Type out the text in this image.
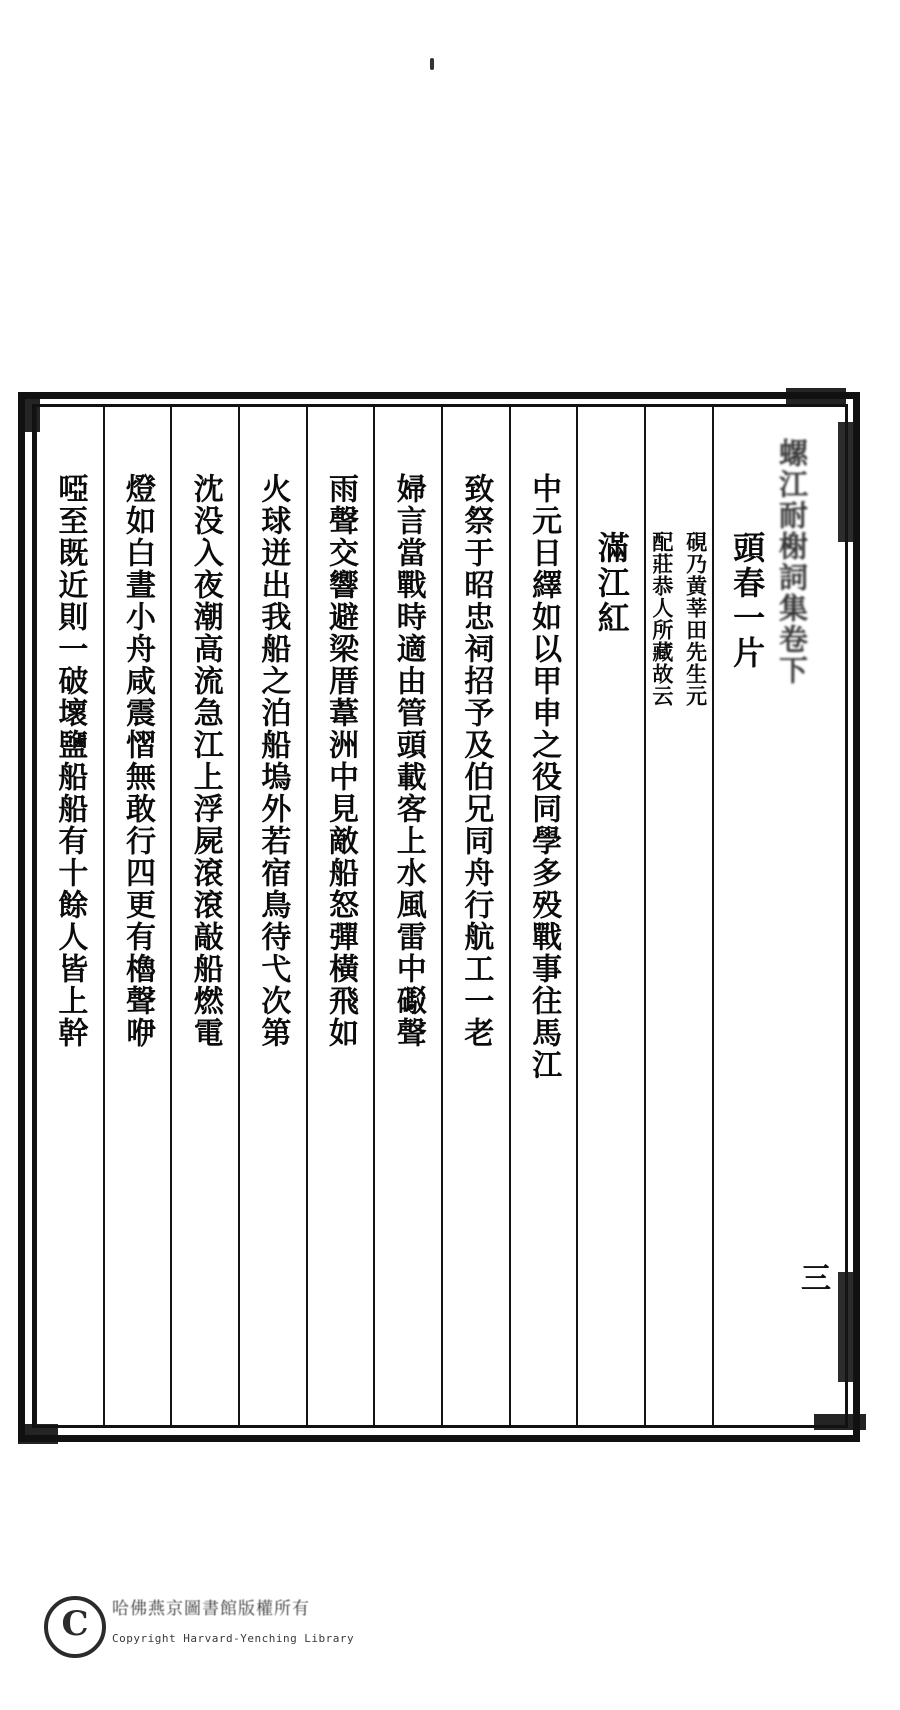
頭春一片
硯乃黄莘田先生元
配莊恭人所藏故云
滿江紅
中元日繹如以甲申之役同學多殁戰事往馬江
致祭于昭忠祠招予及伯兄同舟行航工一老
婦言當戰時適由管頭載客上水風雷中礟聲
雨聲交響避梁厝葦洲中見敵船怒彈橫飛如
火球迸出我船之泊船塢外若宿鳥待弋次第
沈没入夜潮高流急江上浮屍滾滾敲船燃電
燈如白晝小舟咸震慴無敢行四更有櫓聲咿
啞至既近則一破壞鹽船船有十餘人皆上幹	螺江耐榭詞集卷下
三
C	哈佛燕京圖書館版權所有
Copyright Harvard-Yenching Library
